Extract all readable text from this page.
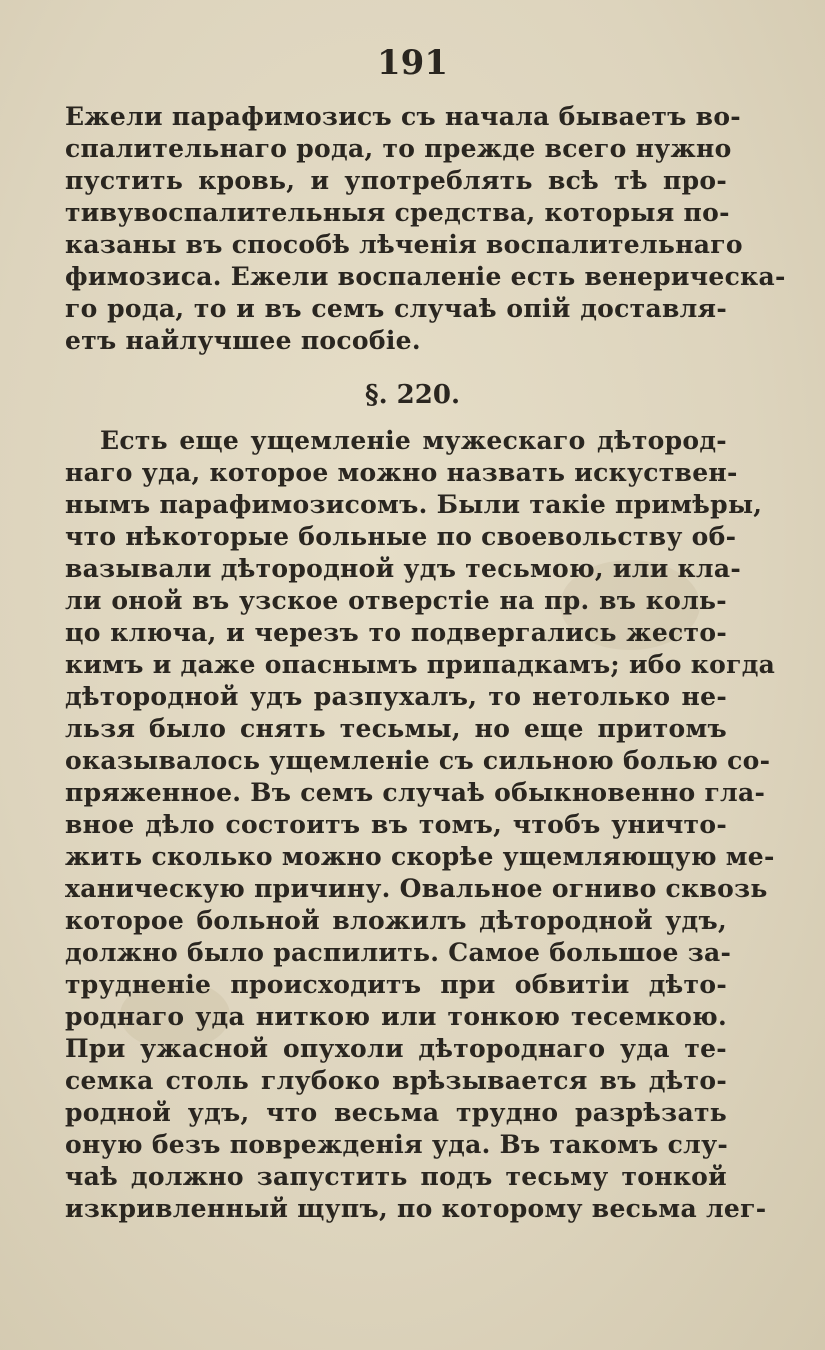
191
Ежели парафимозисъ съ начала бываетъ во-
спалительнаго рода, то прежде всего нужно
пустить кровь, и употреблять всѣ тѣ про-
тивувоспалительныя средства, которыя по-
казаны въ способѣ лѣченія воспалительнаго
фимозиса. Ежели воспаленіе есть венерическа-
го рода, то и въ семъ случаѣ опій доставля-
етъ найлучшее пособіе.
§. 220.
Есть еще ущемленіе мужескаго дѣтород-
наго уда, которое можно назвать искуствен-
нымъ парафимозисомъ. Были такіе примѣры,
что нѣкоторые больные по своевольству об-
вазывали дѣтородной удъ тесьмою, или кла-
ли оной въ узское отверстіе на пр. въ коль-
цо ключа, и черезъ то подвергались жесто-
кимъ и даже опаснымъ припадкамъ; ибо когда
дѣтородной удъ разпухалъ, то нетолько не-
льзя было снять тесьмы, но еще притомъ
оказывалось ущемленіе съ сильною болью со-
пряженное. Въ семъ случаѣ обыкновенно гла-
вное дѣло состоитъ въ томъ, чтобъ уничто-
жить сколько можно скорѣе ущемляющую ме-
ханическую причину. Овальное огниво сквозь
которое больной вложилъ дѣтородной удъ,
должно было распилить. Самое большое за-
трудненіе происходитъ при обвитіи дѣто-
роднаго уда ниткою или тонкою тесемкою.
При ужасной опухоли дѣтороднаго уда те-
семка столь глубоко врѣзывается въ дѣто-
родной удъ, что весьма трудно разрѣзать
оную безъ поврежденія уда. Въ такомъ слу-
чаѣ должно запустить подъ тесьму тонкой
изкривленный щупъ, по которому весьма лег-
